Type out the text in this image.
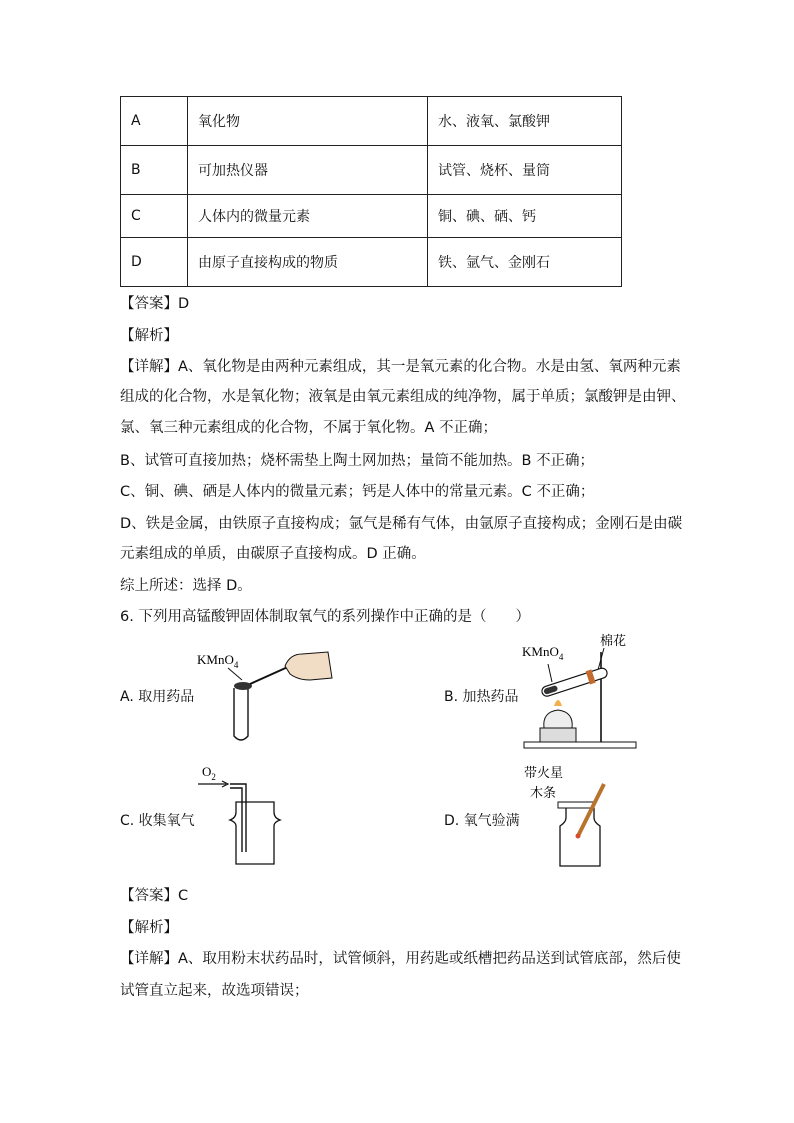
A	氧化物	水、液氧、氯酸钾
B	可加热仪器	试管、烧杯、量筒
C	人体内的微量元素	铜、碘、硒、钙
D	由原子直接构成的物质	铁、氩气、金刚石
【答案】D
【解析】
【详解】A、氧化物是由两种元素组成，其一是氧元素的化合物。水是由氢、氧两种元素
组成的化合物，水是氧化物；液氧是由氧元素组成的纯净物，属于单质；氯酸钾是由钾、
氯、氧三种元素组成的化合物，不属于氧化物。A 不正确；
B、试管可直接加热；烧杯需垫上陶土网加热；量筒不能加热。B 不正确；
C、铜、碘、硒是人体内的微量元素；钙是人体中的常量元素。C 不正确；
D、铁是金属，由铁原子直接构成；氩气是稀有气体，由氩原子直接构成；金刚石是由碳
元素组成的单质，由碳原子直接构成。D 正确。
综上所述：选择 D。
6. 下列用高锰酸钾固体制取氧气的系列操作中正确的是（　　）
A. 取用药品	B. 加热药品
C. 收集氧气	D. 氧气验满
KMnO$_4$
KMnO$_4$
棉花
$O_2$	带火星
木条
【答案】C
【解析】
【详解】A、取用粉末状药品时，试管倾斜，用药匙或纸槽把药品送到试管底部，然后使
试管直立起来，故选项错误；
